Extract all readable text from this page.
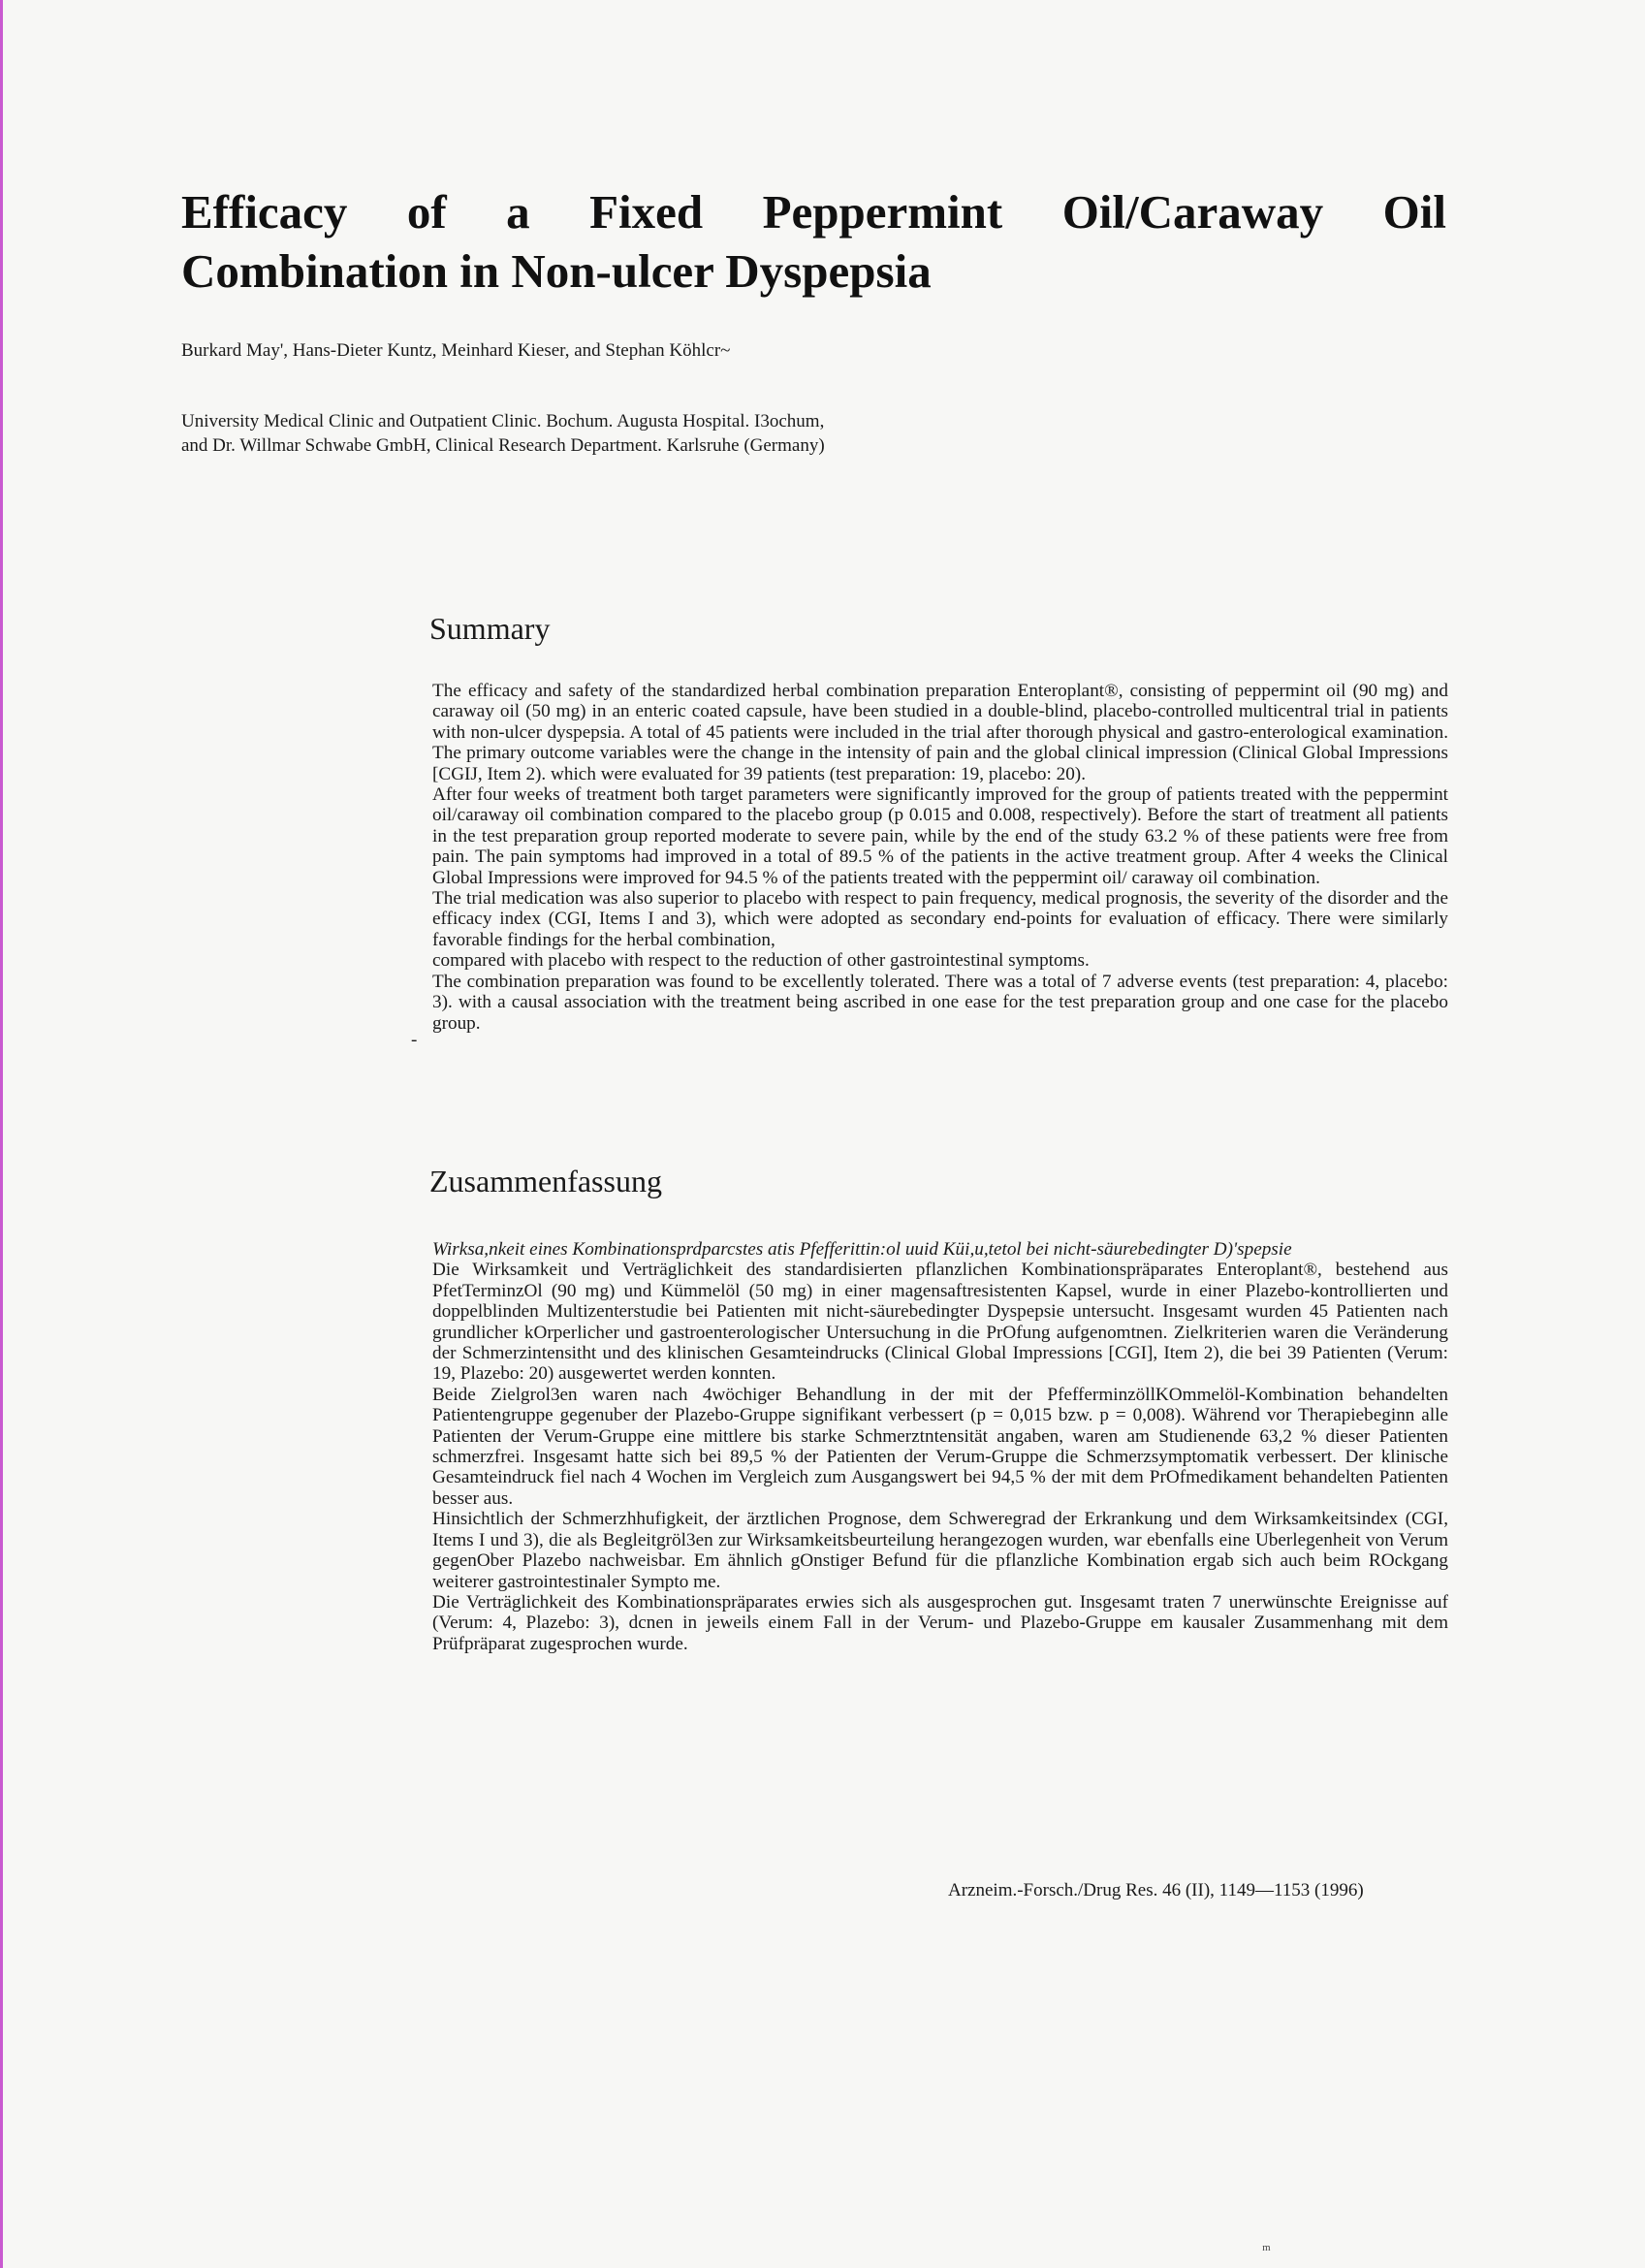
Efficacy of a Fixed Peppermint Oil/Caraway Oil
Combination in Non-ulcer Dyspepsia
Burkard May', Hans-Dieter Kuntz, Meinhard Kieser, and Stephan Köhlcr~
University Medical Clinic and Outpatient Clinic. Bochum. Augusta Hospital. I3ochum,
and Dr. Willmar Schwabe GmbH, Clinical Research Department. Karlsruhe (Germany)
Summary

The efficacy and safety of the standardized herbal combination preparation Enteroplant®, consisting of peppermint oil (90 mg) and caraway oil (50 mg) in an enteric coated capsule, have been studied in a double-blind, placebo-controlled multicentral trial in patients with non-ulcer dyspepsia. A total of 45 patients were included in the trial after thorough physical and gastro-enterological examination. The primary outcome variables were the change in the intensity of pain and the global clinical impression (Clinical Global Impressions [CGIJ, Item 2). which were evaluated for 39 patients (test preparation: 19, placebo: 20).

After four weeks of treatment both target parameters were significantly improved for the group of patients treated with the peppermint oil/caraway oil combination compared to the placebo group (p 0.015 and 0.008, respectively). Before the start of treatment all patients in the test preparation group reported moderate to severe pain, while by the end of the study 63.2 % of these patients were free from pain. The pain symptoms had improved in a total of 89.5 % of the patients in the active treatment group. After 4 weeks the Clinical Global Impressions were improved for 94.5 % of the patients treated with the peppermint oil/ caraway oil combination.

The trial medication was also superior to placebo with respect to pain frequency, medical prognosis, the severity of the disorder and the efficacy index (CGI, Items I and 3), which were adopted as secondary end-points for evaluation of efficacy. There were similarly favorable findings for the herbal combination,

compared with placebo with respect to the reduction of other gastrointestinal symptoms.

The combination preparation was found to be excellently tolerated. There was a total of 7 adverse events (test preparation: 4, placebo: 3). with a causal association with the treatment being ascribed in one ease for the test preparation group and one case for the placebo group.

-
Zusammenfassung

Wirksa,nkeit eines Kombinationsprdparcstes atis Pfefferittin:ol uuid Küi,u,tetol bei nicht-säurebedingter D)'spepsie

Die Wirksamkeit und Verträglichkeit des standardisierten pflanzlichen Kombinationspräparates Enteroplant®, bestehend aus PfetTerminzOl (90 mg) und Kümmelöl (50 mg) in einer magensaftresistenten Kapsel, wurde in einer Plazebo-kontrollierten und doppelblinden Multizenterstudie bei Patienten mit nicht-säurebedingter Dyspepsie untersucht. Insgesamt wurden 45 Patienten nach grundlicher kOrperlicher und gastroenterologischer Untersuchung in die PrOfung aufgenomtnen. Zielkriterien waren die Veränderung der Schmerzintensitht und des klinischen Gesamteindrucks (Clinical Global Impressions [CGI], Item 2), die bei 39 Patienten (Verum: 19, Plazebo: 20) ausgewertet werden konnten.

Beide Zielgrol3en waren nach 4wöchiger Behandlung in der mit der PfefferminzöllKOmmelöl-Kombination behandelten Patientengruppe gegenuber der Plazebo-Gruppe signifikant verbessert (p = 0,015 bzw. p = 0,008). Während vor Therapiebeginn alle Patienten der Verum-Gruppe eine mittlere bis starke Schmerztntensität angaben, waren am Studienende 63,2 % dieser Patienten schmerzfrei. Insgesamt hatte sich bei 89,5 % der Patienten der Verum-Gruppe die Schmerzsymptomatik verbessert. Der klinische Gesamteindruck fiel nach 4 Wochen im Vergleich zum Ausgangswert bei 94,5 % der mit dem PrOfmedikament behandelten Patienten besser aus.

Hinsichtlich der Schmerzhhufigkeit, der ärztlichen Prognose, dem Schweregrad der Erkrankung und dem Wirksamkeitsindex (CGI, Items I und 3), die als Begleitgröl3en zur Wirksamkeitsbeurteilung herangezogen wurden, war ebenfalls eine Uberlegenheit von Verum gegenOber Plazebo nachweisbar. Em ähnlich gOnstiger Befund für die pflanzliche Kombination ergab sich auch beim ROckgang weiterer gastrointestinaler Sympto me.

Die Verträglichkeit des Kombinationspräparates erwies sich als ausgesprochen gut. Insgesamt traten 7 unerwünschte Ereignisse auf (Verum: 4, Plazebo: 3), dcnen in jeweils einem Fall in der Verum- und Plazebo-Gruppe em kausaler Zusammenhang mit dem Prüfpräparat zugesprochen wurde.

Arzneim.-Forsch./Drug Res. 46 (II), 1149—1153 (1996)
ᵐ
